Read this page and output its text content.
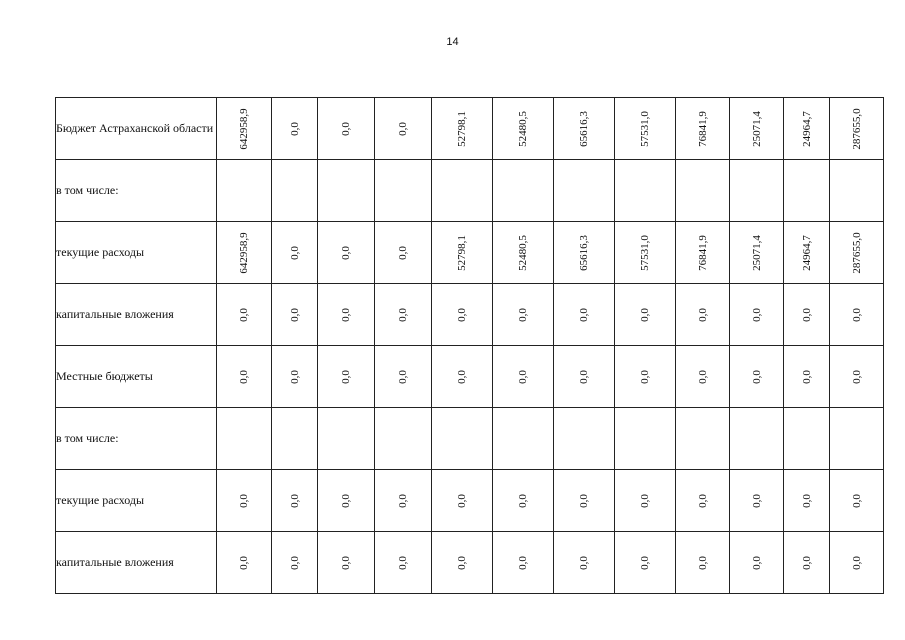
14
Бюджет Астраханской области	642958,9	0,0	0,0	0,0	52798,1	52480,5	65616,3	57531,0	76841,9	25071,4	24964,7	287655,0

в том числе:												

текущие расходы	642958,9	0,0	0,0	0,0	52798,1	52480,5	65616,3	57531,0	76841,9	25071,4	24964,7	287655,0

капитальные вложения	0,0	0,0	0,0	0,0	0,0	0,0	0,0	0,0	0,0	0,0	0,0	0,0

Местные бюджеты	0,0	0,0	0,0	0,0	0,0	0,0	0,0	0,0	0,0	0,0	0,0	0,0

в том числе:												

текущие расходы	0,0	0,0	0,0	0,0	0,0	0,0	0,0	0,0	0,0	0,0	0,0	0,0

капитальные вложения	0,0	0,0	0,0	0,0	0,0	0,0	0,0	0,0	0,0	0,0	0,0	0,0
